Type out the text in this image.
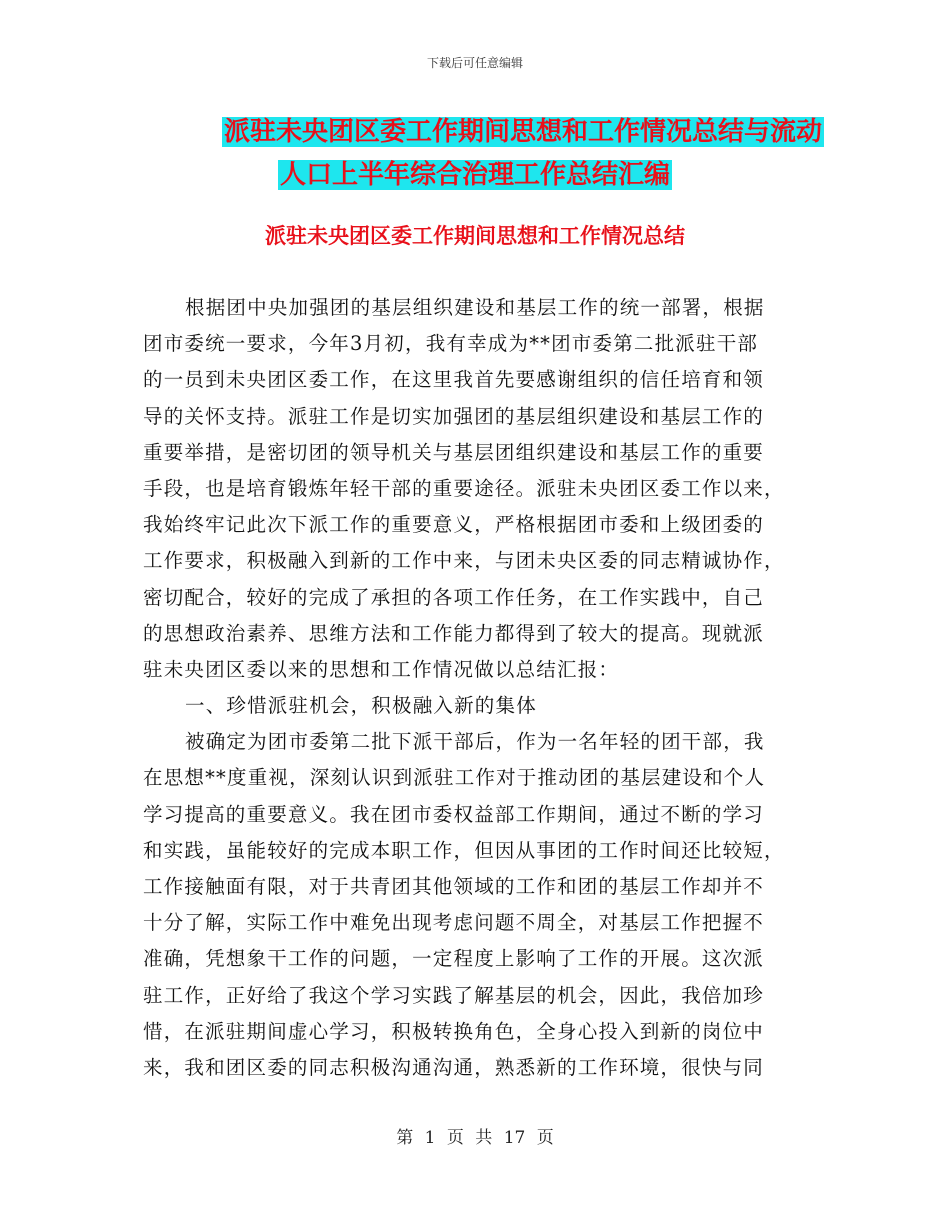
下载后可任意编辑
派驻未央团区委工作期间思想和工作情况总结与流动
人口上半年综合治理工作总结汇编
派驻未央团区委工作期间思想和工作情况总结
根据团中央加强团的基层组织建设和基层工作的统一部署，根据
团市委统一要求，今年3月初，我有幸成为**团市委第二批派驻干部
的一员到未央团区委工作，在这里我首先要感谢组织的信任培育和领
导的关怀支持。派驻工作是切实加强团的基层组织建设和基层工作的
重要举措，是密切团的领导机关与基层团组织建设和基层工作的重要
手段，也是培育锻炼年轻干部的重要途径。派驻未央团区委工作以来，
我始终牢记此次下派工作的重要意义，严格根据团市委和上级团委的
工作要求，积极融入到新的工作中来，与团未央区委的同志精诚协作，
密切配合，较好的完成了承担的各项工作任务，在工作实践中，自己
的思想政治素养、思维方法和工作能力都得到了较大的提高。现就派
驻未央团区委以来的思想和工作情况做以总结汇报：
一、珍惜派驻机会，积极融入新的集体
被确定为团市委第二批下派干部后，作为一名年轻的团干部，我
在思想**度重视，深刻认识到派驻工作对于推动团的基层建设和个人
学习提高的重要意义。我在团市委权益部工作期间，通过不断的学习
和实践，虽能较好的完成本职工作，但因从事团的工作时间还比较短，
工作接触面有限，对于共青团其他领域的工作和团的基层工作却并不
十分了解，实际工作中难免出现考虑问题不周全，对基层工作把握不
准确，凭想象干工作的问题，一定程度上影响了工作的开展。这次派
驻工作，正好给了我这个学习实践了解基层的机会，因此，我倍加珍
惜，在派驻期间虚心学习，积极转换角色，全身心投入到新的岗位中
来，我和团区委的同志积极沟通沟通，熟悉新的工作环境，很快与同
第 1 页 共 17 页
